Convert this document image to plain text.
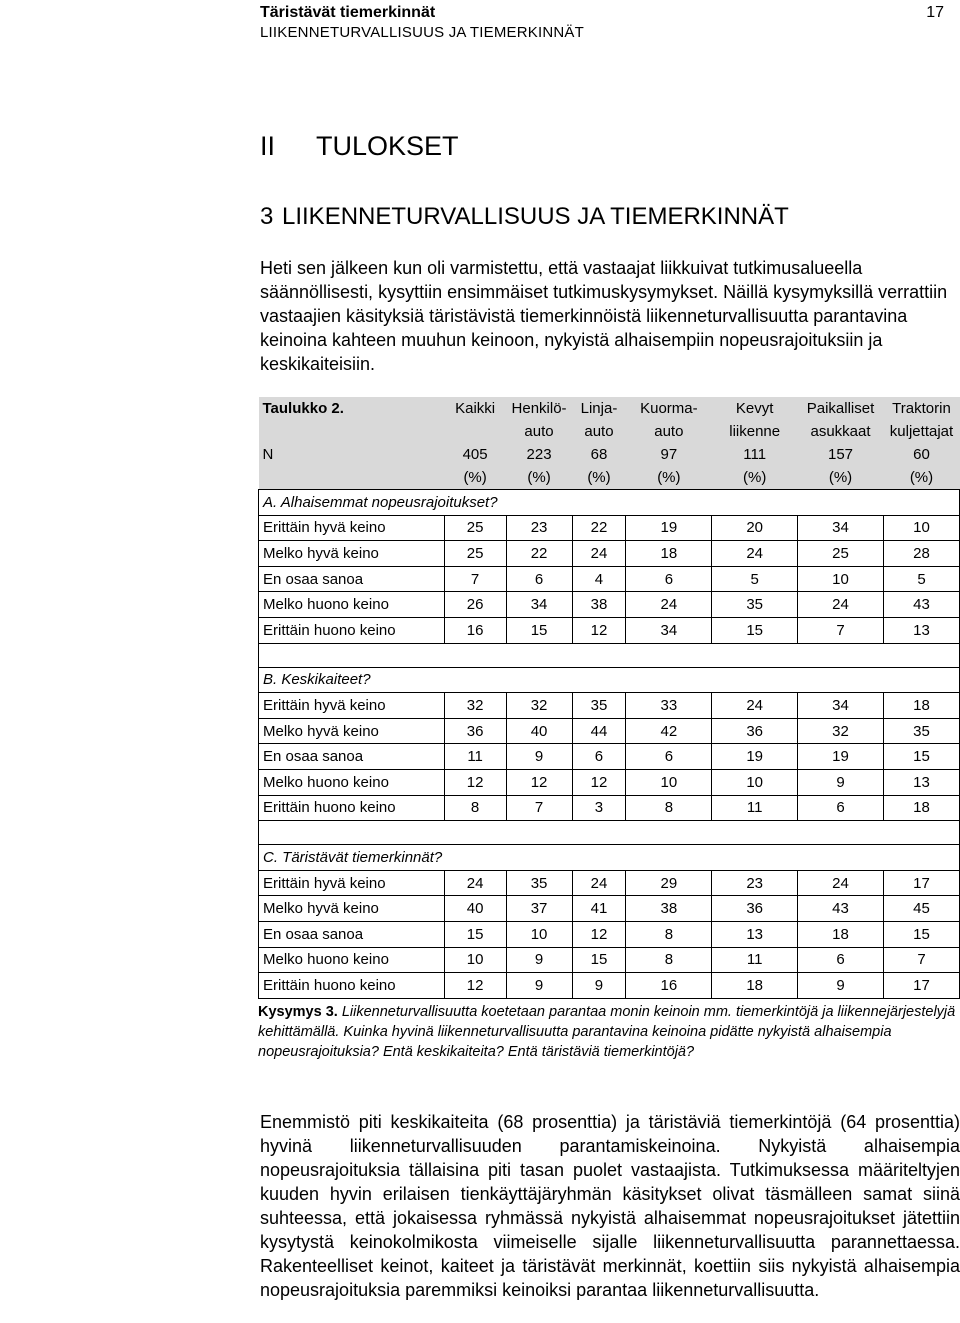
Täristävät tiemerkinnät
LIIKENNETURVALLISUUS JA TIEMERKINNÄT
17
II TULOKSET
3 LIIKENNETURVALLISUUS JA TIEMERKINNÄT
Heti sen jälkeen kun oli varmistettu, että vastaajat liikkuivat tutkimusalueella säännöllisesti, kysyttiin ensimmäiset tutkimuskysymykset. Näillä kysymyksillä verrattiin vastaajien käsityksiä täristävistä tiemerkinnöistä liikenneturvallisuutta parantavina keinoina kahteen muuhun keinoon, nykyistä alhaisempiin nopeusrajoituksiin ja keskikaiteisiin.
Taulukko 2.	Kaikki	Henkilö-	Linja-	Kuorma-	Kevyt	Paikalliset	Traktorin
		auto	auto	auto	liikenne	asukkaat	kuljettajat
N	405	223	68	97	111	157	60
	(%)	(%)	(%)	(%)	(%)	(%)	(%)
A. Alhaisemmat nopeusrajoitukset?							
Erittäin hyvä keino	25	23	22	19	20	34	10
Melko hyvä keino	25	22	24	18	24	25	28
En osaa sanoa	7	6	4	6	5	10	5
Melko huono keino	26	34	38	24	35	24	43
Erittäin huono keino	16	15	12	34	15	7	13

B. Keskikaiteet?							
Erittäin hyvä keino	32	32	35	33	24	34	18
Melko hyvä keino	36	40	44	42	36	32	35
En osaa sanoa	11	9	6	6	19	19	15
Melko huono keino	12	12	12	10	10	9	13
Erittäin huono keino	8	7	3	8	11	6	18

C. Täristävät tiemerkinnät?							
Erittäin hyvä keino	24	35	24	29	23	24	17
Melko hyvä keino	40	37	41	38	36	43	45
En osaa sanoa	15	10	12	8	13	18	15
Melko huono keino	10	9	15	8	11	6	7
Erittäin huono keino	12	9	9	16	18	9	17
Kysymys 3. Liikenneturvallisuutta koetetaan parantaa monin keinoin mm. tiemerkintöjä ja liikennejärjestelyjä kehittämällä. Kuinka hyvinä liikenneturvallisuutta parantavina keinoina pidätte nykyistä alhaisempia nopeusrajoituksia? Entä keskikaiteita? Entä täristäviä tiemerkintöjä?
Enemmistö piti keskikaiteita (68 prosenttia) ja täristäviä tiemerkintöjä (64 prosenttia) hyvinä liikenneturvallisuuden parantamiskeinoina. Nykyistä alhaisempia nopeusrajoituksia tällaisina piti tasan puolet vastaajista. Tutkimuksessa määriteltyjen kuuden hyvin erilaisen tienkäyttäjäryhmän käsitykset olivat täsmälleen samat siinä suhteessa, että jokaisessa ryhmässä nykyistä alhaisemmat nopeusrajoitukset jätettiin kysytystä keinokolmikosta viimeiselle sijalle liikenneturvallisuutta parannettaessa. Rakenteelliset keinot, kaiteet ja täristävät merkinnät, koettiin siis nykyistä alhaisempia nopeusrajoituksia paremmiksi keinoiksi parantaa liikenneturvallisuutta.
